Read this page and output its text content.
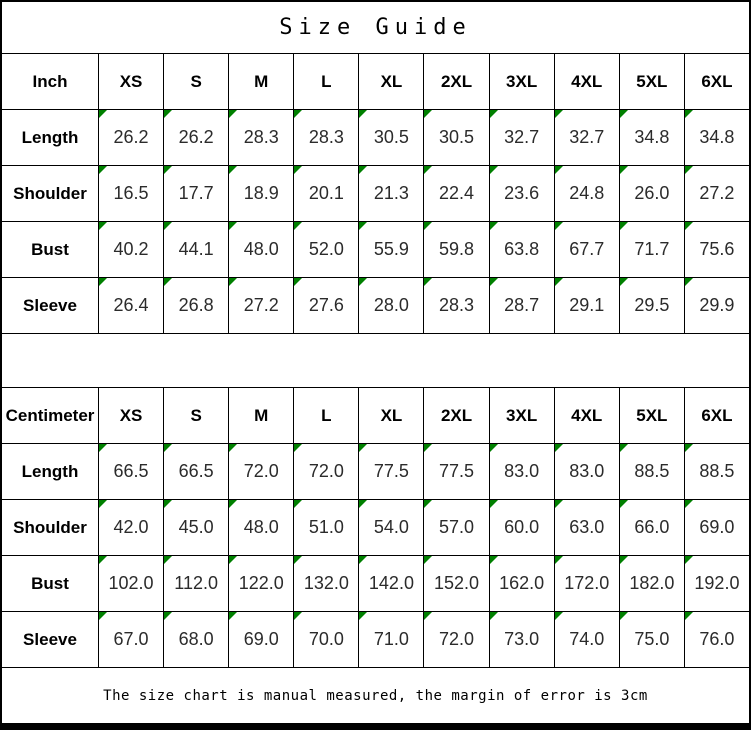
Size Guide
Inch	XS	S	M	L	XL	2XL	3XL	4XL	5XL	6XL
Length	26.2 26.2 28.3 28.3 30.5 30.5 32.7 32.7 34.8 34.8
Shoulder	16.5 17.7 18.9 20.1 21.3 22.4 23.6 24.8 26.0 27.2
Bust	40.2 44.1 48.0 52.0 55.9 59.8 63.8 67.7 71.7 75.6
Sleeve	26.4 26.8 27.2 27.6 28.0 28.3 28.7 29.1 29.5 29.9
Centimeter	XS	S	M	L	XL	2XL	3XL	4XL	5XL	6XL
Length	66.5 66.5 72.0 72.0 77.5 77.5 83.0 83.0 88.5 88.5
Shoulder	42.0 45.0 48.0 51.0 54.0 57.0 60.0 63.0 66.0 69.0
Bust	102.0 112.0 122.0 132.0 142.0 152.0 162.0 172.0 182.0 192.0
Sleeve	67.0 68.0 69.0 70.0 71.0 72.0 73.0 74.0 75.0 76.0
The size chart is manual measured, the margin of error is 3cm
